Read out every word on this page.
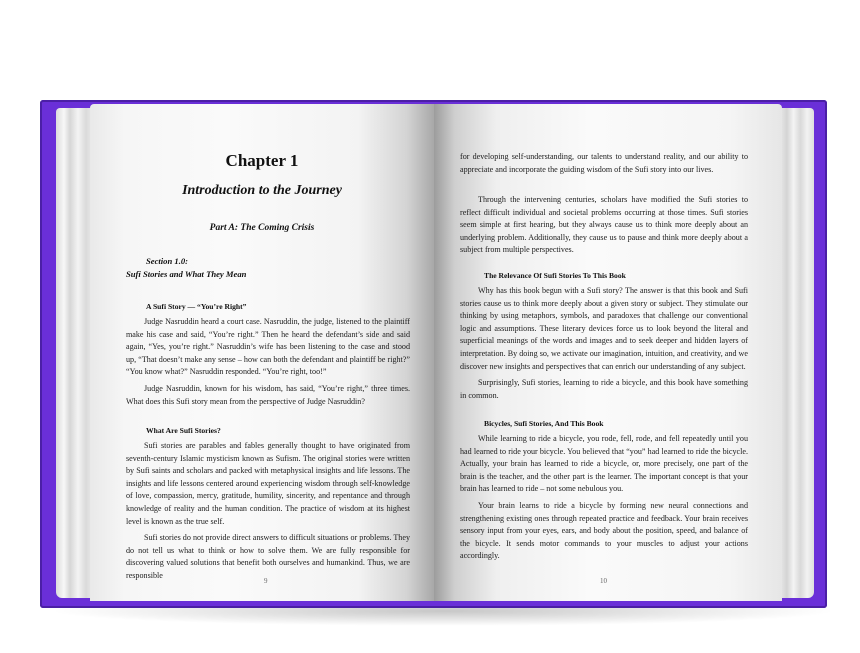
Chapter 1
Introduction to the Journey
Part A: The Coming Crisis
Section 1.0:
Sufi Stories and What They Mean
A Sufi Story — “You’re Right”

Judge Nasruddin heard a court case. Nasruddin, the judge, listened to the plaintiff make his case and said, “You’re right.” Then he heard the defendant’s side and said again, “Yes, you’re right.” Nasruddin’s wife has been listening to the case and stood up, “That doesn’t make any sense – how can both the defendant and plaintiff be right?” “You know what?” Nasruddin responded. “You’re right, too!”

Judge Nasruddin, known for his wisdom, has said, “You’re right,” three times. What does this Sufi story mean from the perspective of Judge Nasruddin?

What Are Sufi Stories?

Sufi stories are parables and fables generally thought to have originated from seventh-century Islamic mysticism known as Sufism. The original stories were written by Sufi saints and scholars and packed with metaphysical insights and life lessons. The insights and life lessons centered around experiencing wisdom through self-knowledge of love, compassion, mercy, gratitude, humility, sincerity, and repentance and through knowledge of reality and the human condition. The practice of wisdom at its highest level is known as the true self.

Sufi stories do not provide direct answers to difficult situations or problems. They do not tell us what to think or how to solve them. We are fully responsible for discovering valued solutions that benefit both ourselves and humankind. Thus, we are responsible

9

for developing self-understanding, our talents to understand reality, and our ability to appreciate and incorporate the guiding wisdom of the Sufi story into our lives.

Through the intervening centuries, scholars have modified the Sufi stories to reflect difficult individual and societal problems occurring at those times. Sufi stories seem simple at first hearing, but they always cause us to think more deeply about an underlying problem. Additionally, they cause us to pause and think more deeply about a subject from multiple perspectives.

The Relevance Of Sufi Stories To This Book

Why has this book begun with a Sufi story? The answer is that this book and Sufi stories cause us to think more deeply about a given story or subject. They stimulate our thinking by using metaphors, symbols, and paradoxes that challenge our conventional logic and assumptions. These literary devices force us to look beyond the literal and superficial meanings of the words and images and to seek deeper and hidden layers of interpretation. By doing so, we activate our imagination, intuition, and creativity, and we discover new insights and perspectives that can enrich our understanding of any subject.

Surprisingly, Sufi stories, learning to ride a bicycle, and this book have something in common.

Bicycles, Sufi Stories, And This Book

While learning to ride a bicycle, you rode, fell, rode, and fell repeatedly until you had learned to ride your bicycle. You believed that “you” had learned to ride the bicycle. Actually, your brain has learned to ride a bicycle, or, more precisely, one part of the brain is the teacher, and the other part is the learner. The important concept is that your brain has learned to ride – not some nebulous you.

Your brain learns to ride a bicycle by forming new neural connections and strengthening existing ones through repeated practice and feedback. Your brain receives sensory input from your eyes, ears, and body about the position, speed, and balance of the bicycle. It sends motor commands to your muscles to adjust your actions accordingly.

10
